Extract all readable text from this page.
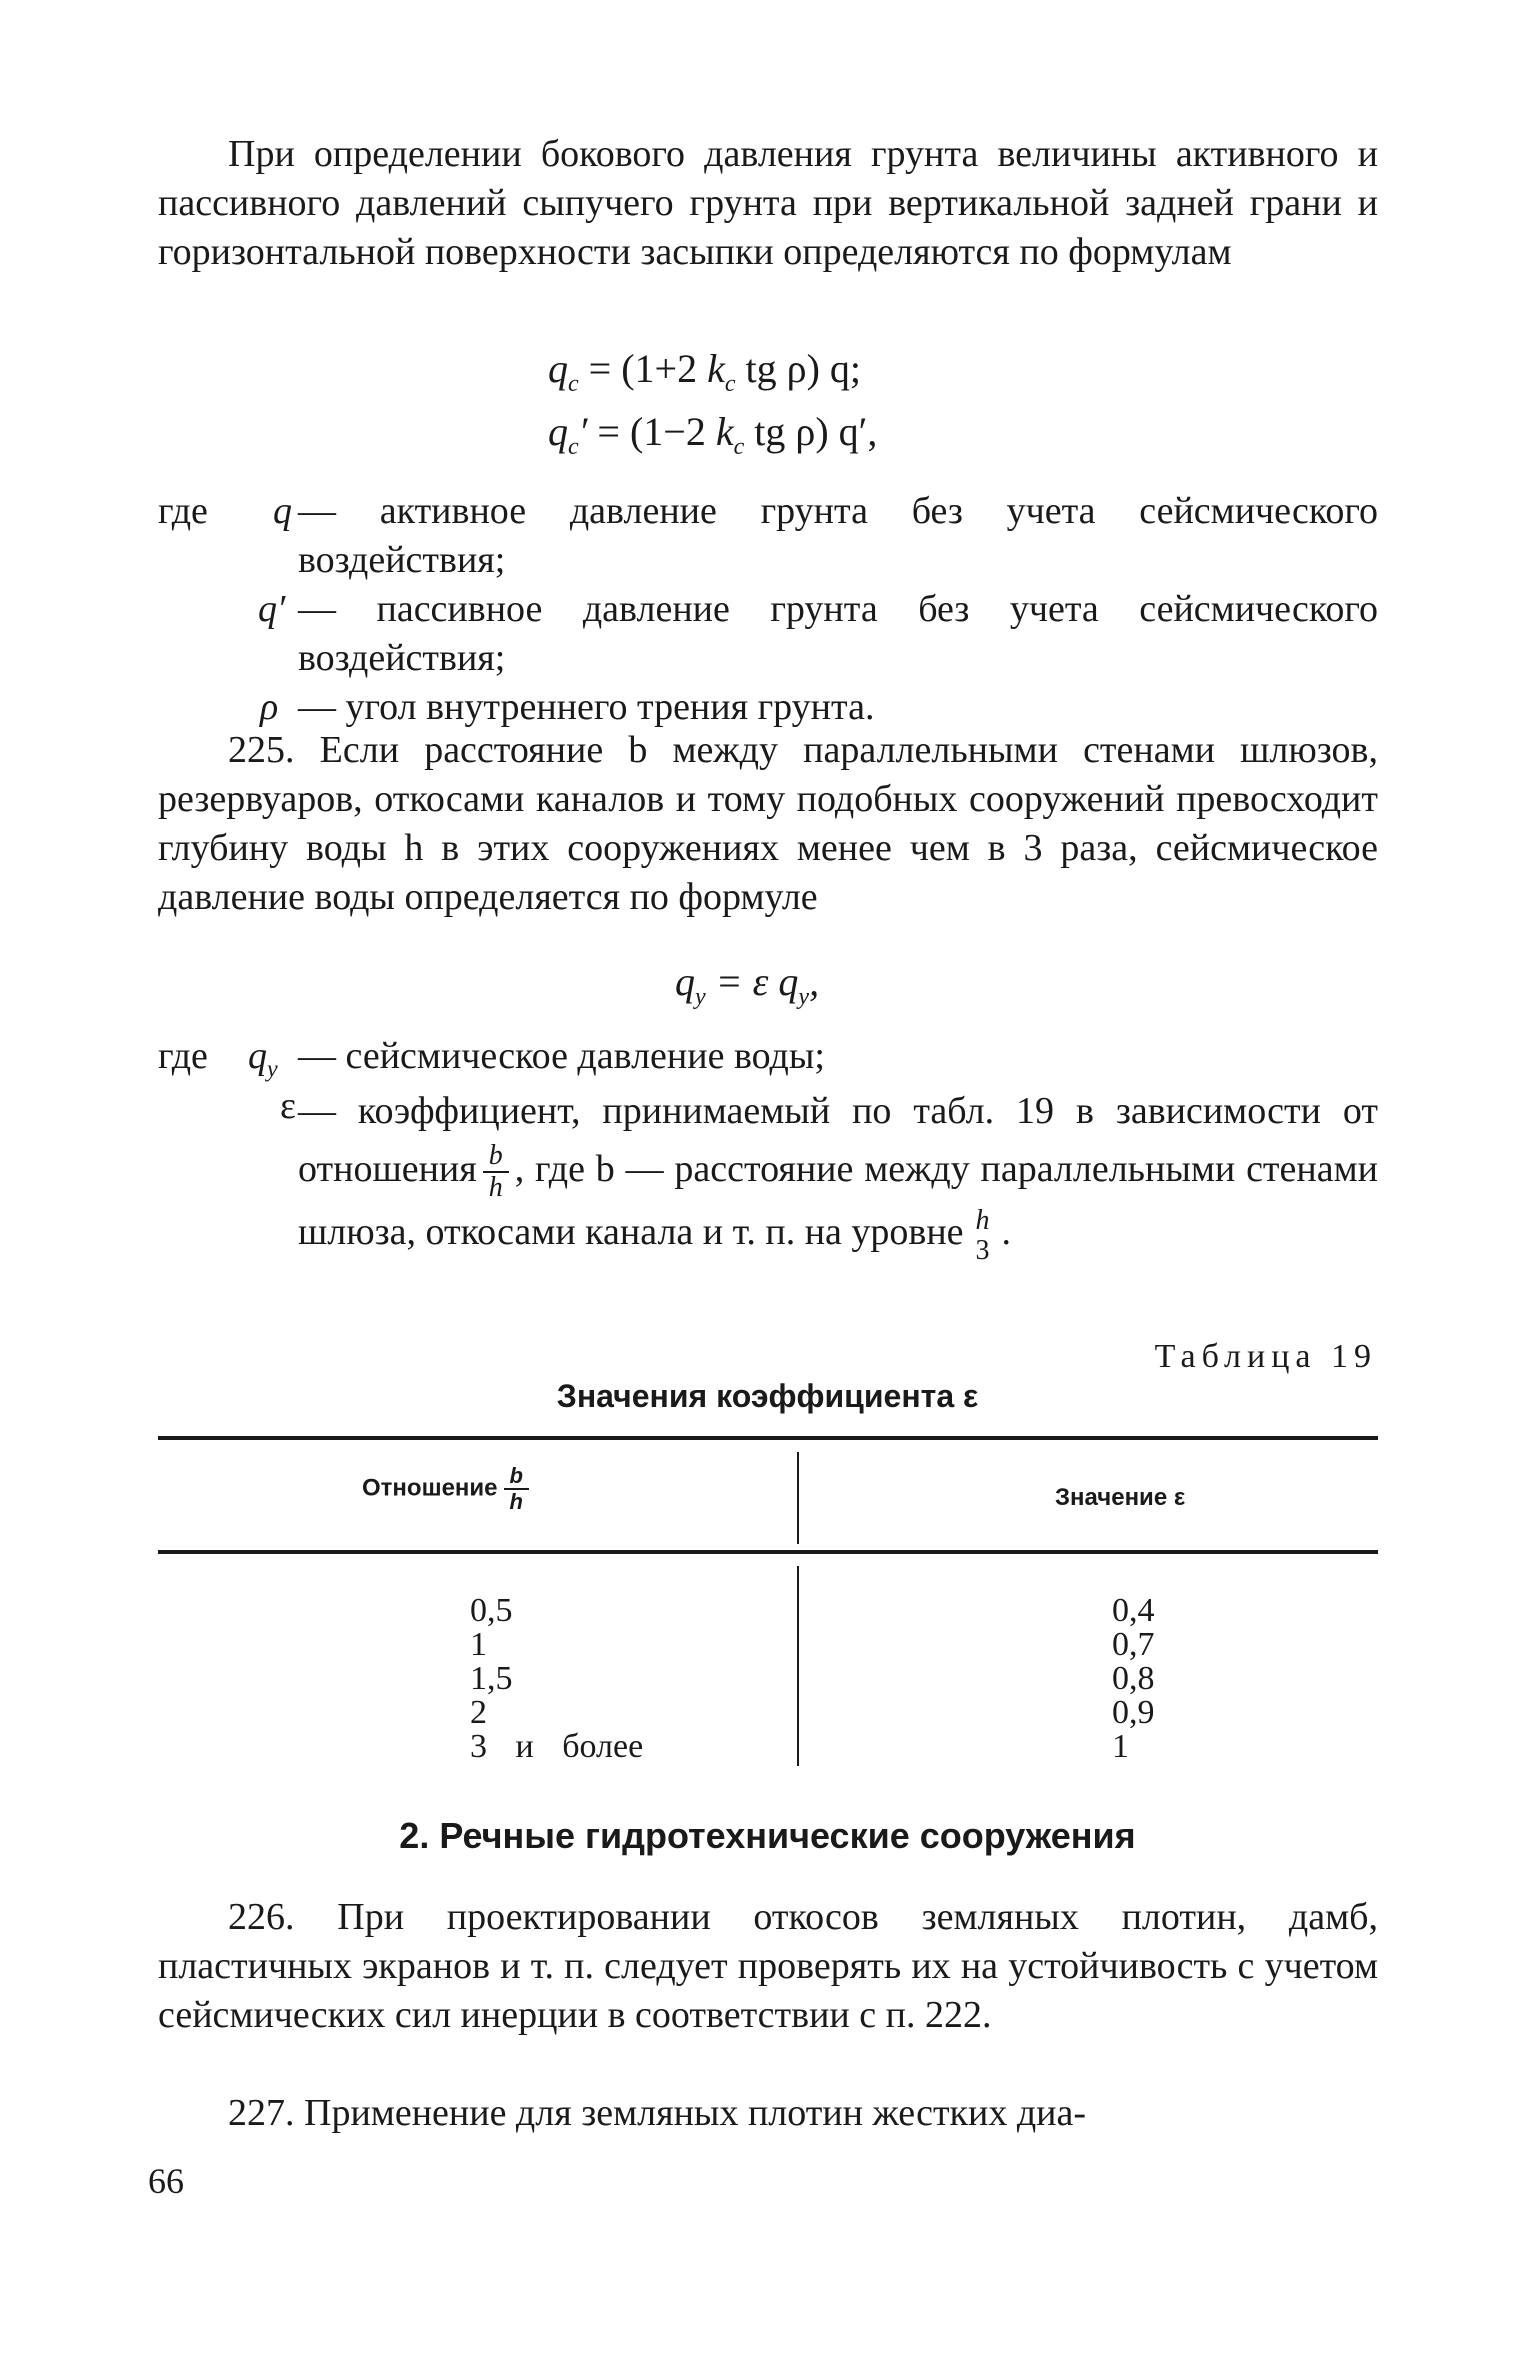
При определении бокового давления грунта величины активного и пассивного давлений сыпучего грунта при вертикальной задней грани и горизонтальной поверхности засыпки определяются по формулам

$q_c = (1+2$ $k_c$ tg ρ) q;
$q_c' = (1-2$ $k_c$ tg ρ) q′,
где q — активное давление грунта без учета сейсмического воздействия;
q′ — пассивное давление грунта без учета сейсмического воздействия;
ρ — угол внутреннего трения грунта.

225. Если расстояние b между параллельными стенами шлюзов, резервуаров, откосами каналов и тому подобных сооружений превосходит глубину воды h в этих сооружениях менее чем в 3 раза, сейсмическое давление воды определяется по формуле

$q_y = \varepsilon$ $q_y$,
где $q_y$ — сейсмическое давление воды;
ε — коэффициент, принимаемый по табл. 19 в зависимости от отношения $\frac{b}{h}$ , где b — расстояние между параллельными стенами шлюза, откосами канала и т. п. на уровне h
3 .
Таблица 19
Значения коэффициента ε
Отношение $\frac{b}{h}$	Значение ε
0,5	0,4
1	0,7
1,5	0,8
2	0,9
3 и более	1
2. Речные гидротехнические сооружения

226. При проектировании откосов земляных плотин, дамб, пластичных экранов и т. п. следует проверять их на устойчивость с учетом сейсмических сил инерции в соответствии с п. 222.

227. Применение для земляных плотин жестких диа-

66
